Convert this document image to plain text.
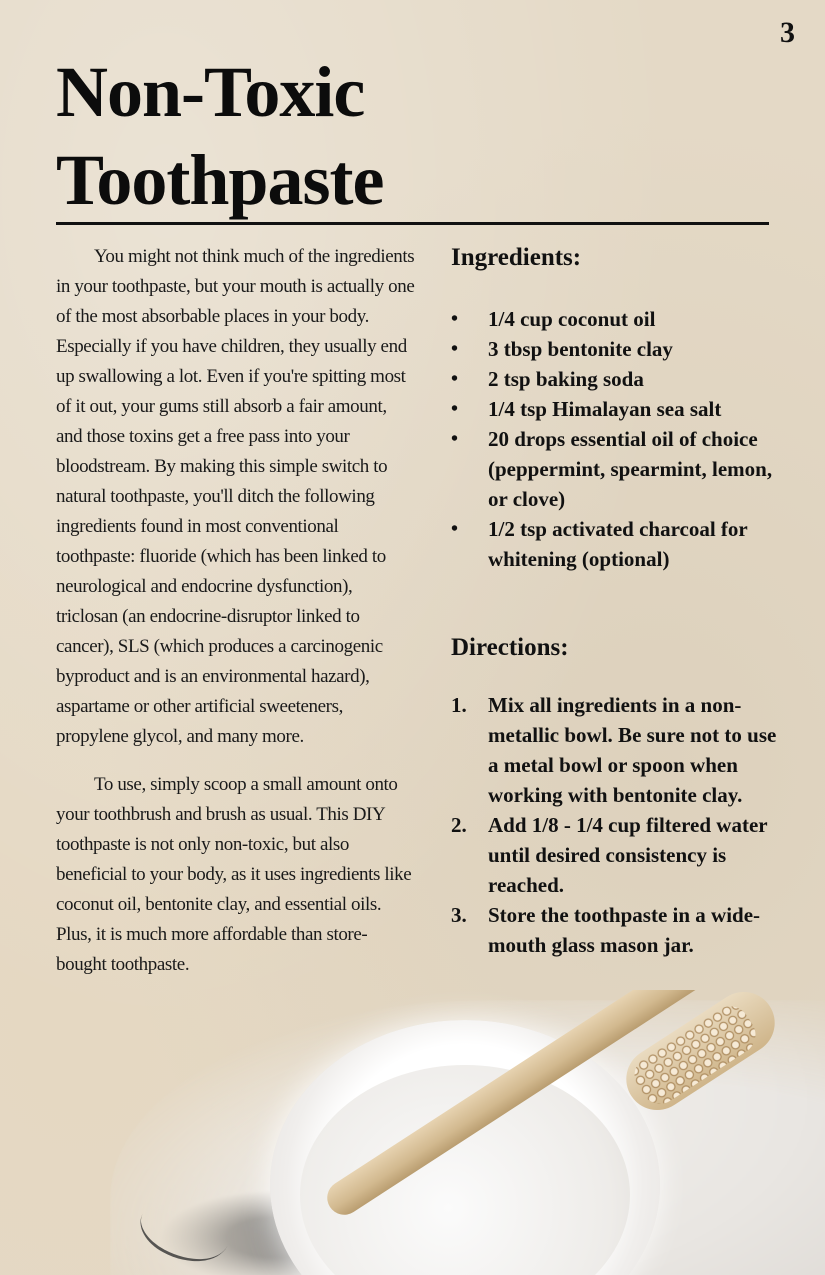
3
Non-Toxic
Toothpaste

You might not think much of the ingredients in your toothpaste, but your mouth is actually one of the most absorbable places in your body. Especially if you have children, they usually end up swallowing a lot. Even if you're spitting most of it out, your gums still absorb a fair amount, and those toxins get a free pass into your bloodstream. By making this simple switch to natural toothpaste, you'll ditch the following ingredients found in most conventional toothpaste: fluoride (which has been linked to neurological and endocrine dysfunction), triclosan (an endocrine-disruptor linked to cancer), SLS (which produces a carcinogenic byproduct and is an environmental hazard), aspartame or other artificial sweeteners, propylene glycol, and many more.

To use, simply scoop a small amount onto your toothbrush and brush as usual. This DIY toothpaste is not only non-toxic, but also beneficial to your body, as it uses ingredients like coconut oil, bentonite clay, and essential oils. Plus, it is much more affordable than store-bought toothpaste.

Ingredients:
• 1/4 cup coconut oil
• 3 tbsp bentonite clay
• 2 tsp baking soda
• 1/4 tsp Himalayan sea salt
• 20 drops essential oil of choice (peppermint, spearmint, lemon, or clove)
• 1/2 tsp activated charcoal for whitening (optional)
Directions:
1. Mix all ingredients in a non-metallic bowl. Be sure not to use a metal bowl or spoon when working with bentonite clay.
2. Add 1/8 - 1/4 cup filtered water until desired consistency is reached.
3. Store the toothpaste in a wide-mouth glass mason jar.
